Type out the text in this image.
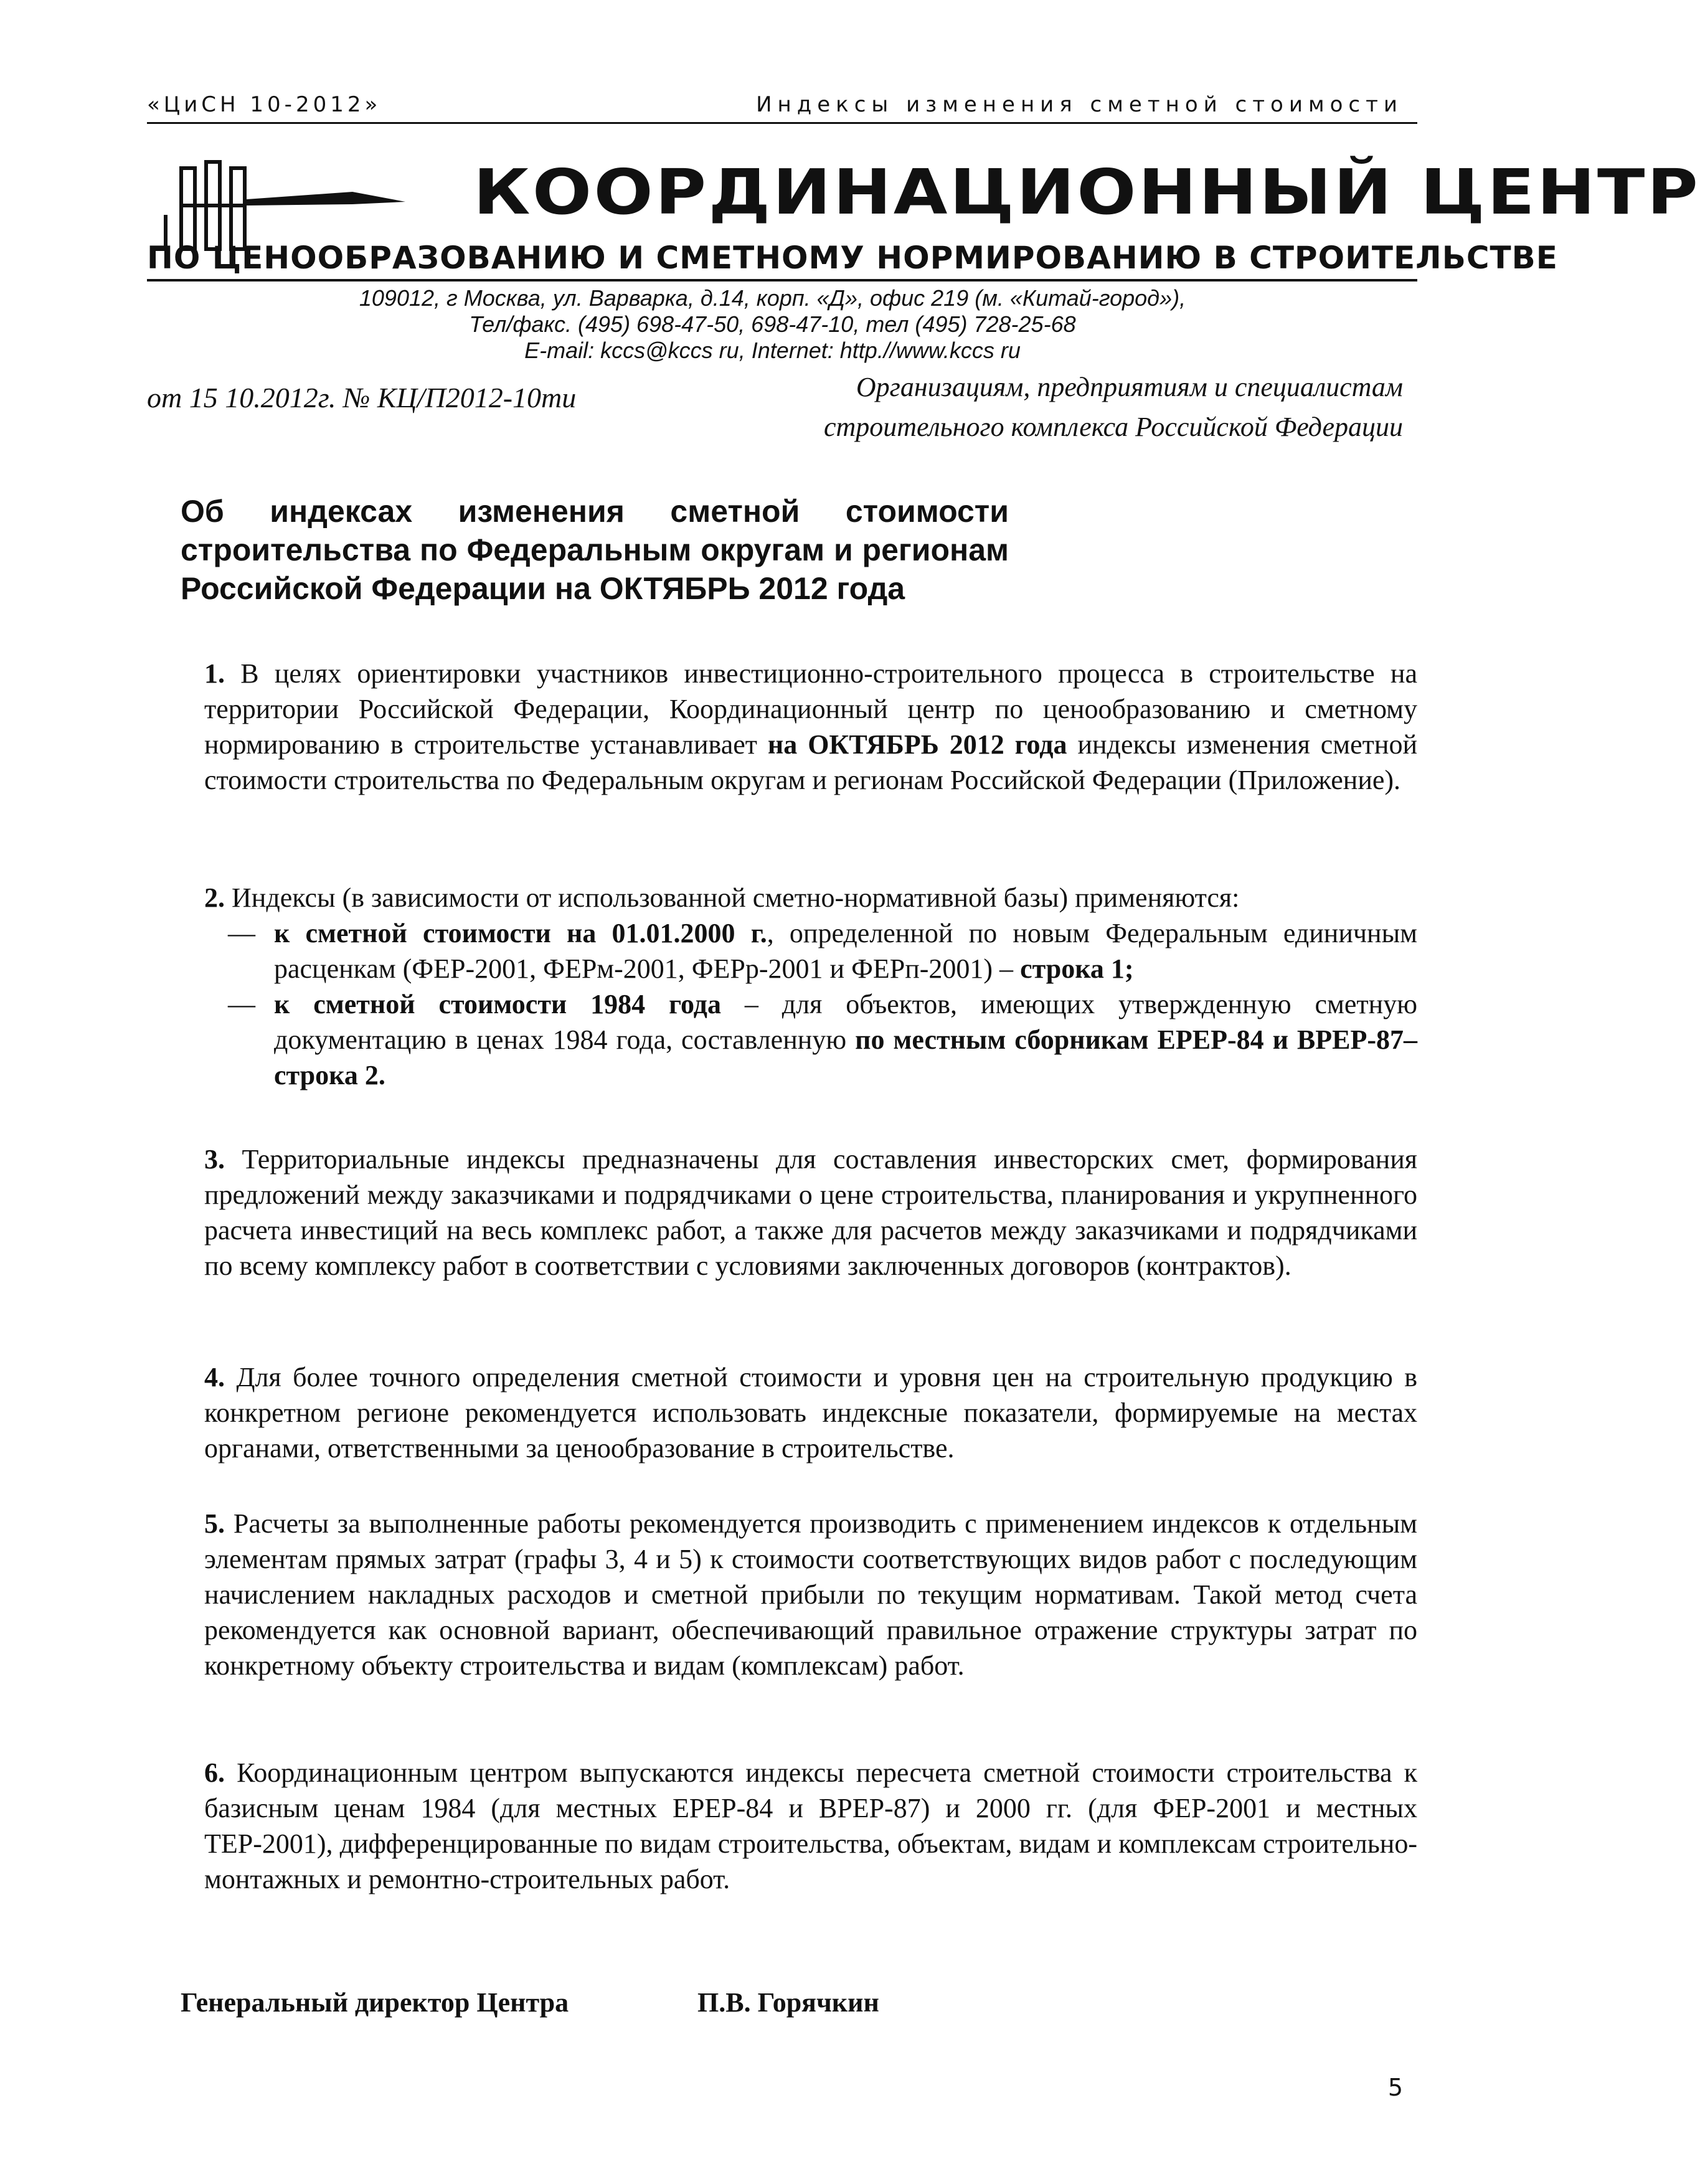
«ЦиСН 10-2012»	Индексы изменения сметной стоимости
КООРДИНАЦИОННЫЙ ЦЕНТР
ПО ЦЕНООБРАЗОВАНИЮ И СМЕТНОМУ НОРМИРОВАНИЮ В СТРОИТЕЛЬСТВЕ
109012, г Москва, ул. Варварка, д.14, корп. «Д», офис 219 (м. «Китай-город»),
Тел/факс. (495) 698-47-50, 698-47-10, тел (495) 728-25-68
E-mail: kccs@kccs ru, Internet: http.//www.kccs ru
от 15 10.2012г. № КЦ/П2012-10ти	Организациям, предприятиям и специалистам
строительного комплекса Российской Федерации
Об индексах изменения сметной стоимости строительства по Федеральным округам и регионам Российской Федерации на ОКТЯБРЬ 2012 года
1. В целях ориентировки участников инвестиционно-строительного процесса в строительстве на территории Российской Федерации, Координационный центр по ценообразованию и сметному нормированию в строительстве устанавливает на ОКТЯБРЬ 2012 года индексы изменения сметной стоимости строительства по Федеральным округам и регионам Российской Федерации (Приложение).
2. Индексы (в зависимости от использованной сметно-нормативной базы) применяются:
— к сметной стоимости на 01.01.2000 г., определенной по новым Федеральным единичным расценкам (ФЕР-2001, ФЕРм-2001, ФЕРр-2001 и ФЕРп-2001) – строка 1;
— к сметной стоимости 1984 года – для объектов, имеющих утвержденную сметную документацию в ценах 1984 года, составленную по местным сборникам ЕРЕР-84 и ВРЕР-87– строка 2.
3. Территориальные индексы предназначены для составления инвесторских смет, формирования предложений между заказчиками и подрядчиками о цене строительства, планирования и укрупненного расчета инвестиций на весь комплекс работ, а также для расчетов между заказчиками и подрядчиками по всему комплексу работ в соответствии с условиями заключенных договоров (контрактов).
4. Для более точного определения сметной стоимости и уровня цен на строительную продукцию в конкретном регионе рекомендуется использовать индексные показатели, формируемые на местах органами, ответственными за ценообразование в строительстве.
5. Расчеты за выполненные работы рекомендуется производить с применением индексов к отдельным элементам прямых затрат (графы 3, 4 и 5) к стоимости соответствующих видов работ с последующим начислением накладных расходов и сметной прибыли по текущим нормативам. Такой метод счета рекомендуется как основной вариант, обеспечивающий правильное отражение структуры затрат по конкретному объекту строительства и видам (комплексам) работ.
6. Координационным центром выпускаются индексы пересчета сметной стоимости строительства к базисным ценам 1984 (для местных ЕРЕР-84 и ВРЕР-87) и 2000 гг. (для ФЕР-2001 и местных ТЕР-2001), дифференцированные по видам строительства, объектам, видам и комплексам строительно-монтажных и ремонтно-строительных работ.
Генеральный директор Центра	П.В. Горячкин
5
